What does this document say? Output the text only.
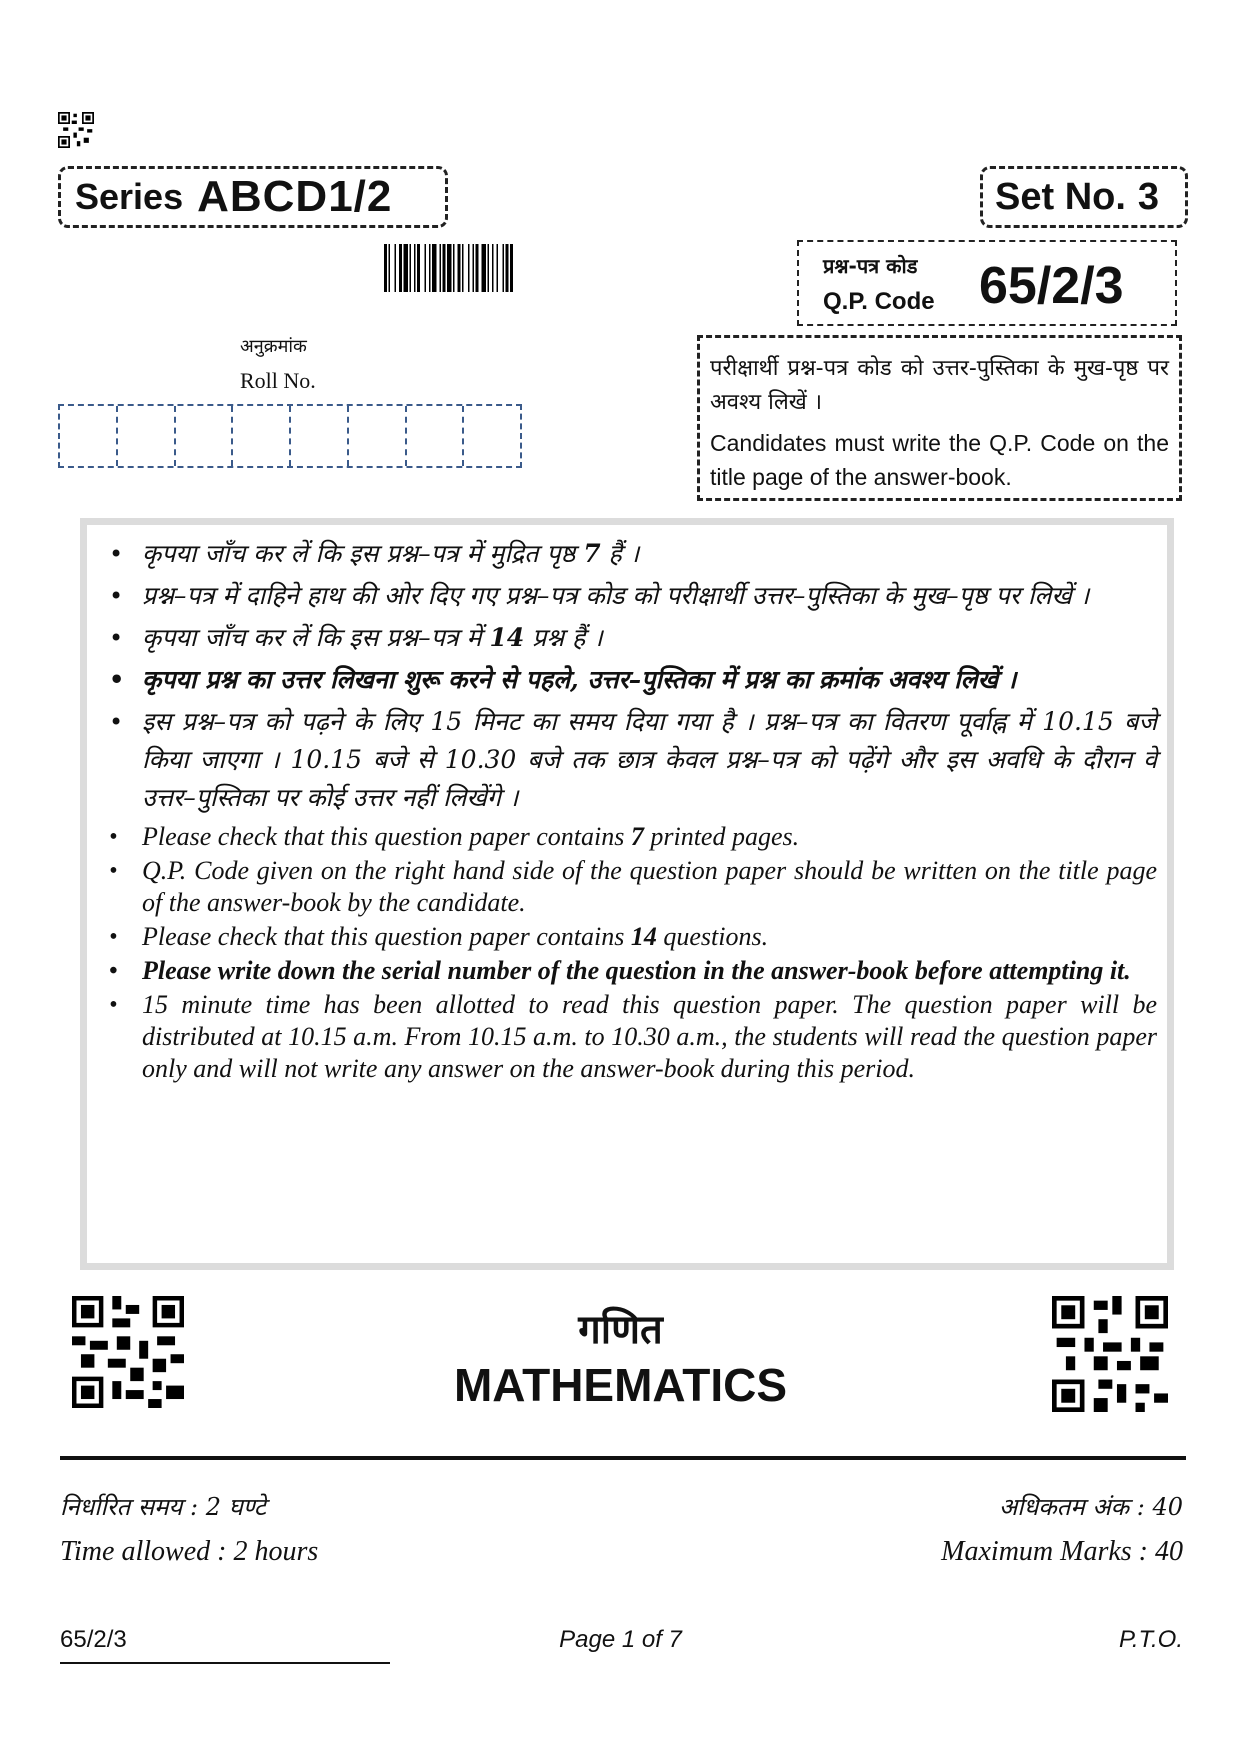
Series ABCD1/2	Set No. 3
प्रश्न-पत्र कोड
Q.P. Code 65/2/3
अनुक्रमांक
Roll No.	परीक्षार्थी प्रश्न-पत्र कोड को उत्तर-पुस्तिका के मुख-पृष्ठ पर अवश्य लिखें ।
Candidates must write the Q.P. Code on the title page of the answer-book.
• कृपया जाँच कर लें कि इस प्रश्न–पत्र में मुद्रित पृष्ठ 7 हैं ।
• प्रश्न–पत्र में दाहिने हाथ की ओर दिए गए प्रश्न–पत्र कोड को परीक्षार्थी उत्तर–पुस्तिका के मुख–पृष्ठ पर लिखें ।
• कृपया जाँच कर लें कि इस प्रश्न–पत्र में 14 प्रश्न हैं ।
• कृपया प्रश्न का उत्तर लिखना शुरू करने से पहले, उत्तर–पुस्तिका में प्रश्न का क्रमांक अवश्य लिखें ।
• इस प्रश्न–पत्र को पढ़ने के लिए 15 मिनट का समय दिया गया है । प्रश्न–पत्र का वितरण पूर्वाह्न में 10.15 बजे किया जाएगा । 10.15 बजे से 10.30 बजे तक छात्र केवल प्रश्न–पत्र को पढ़ेंगे और इस अवधि के दौरान वे उत्तर–पुस्तिका पर कोई उत्तर नहीं लिखेंगे ।
• Please check that this question paper contains 7 printed pages.
• Q.P. Code given on the right hand side of the question paper should be written on the title page of the answer-book by the candidate.
• Please check that this question paper contains 14 questions.
• Please write down the serial number of the question in the answer-book before attempting it.
• 15 minute time has been allotted to read this question paper. The question paper will be distributed at 10.15 a.m. From 10.15 a.m. to 10.30 a.m., the students will read the question paper only and will not write any answer on the answer-book during this period.
गणित
MATHEMATICS
निर्धारित समय : 2 घण्टे
Time allowed : 2 hours
अधिकतम अंक : 40
Maximum Marks : 40
65/2/3	Page 1 of 7	P.T.O.
